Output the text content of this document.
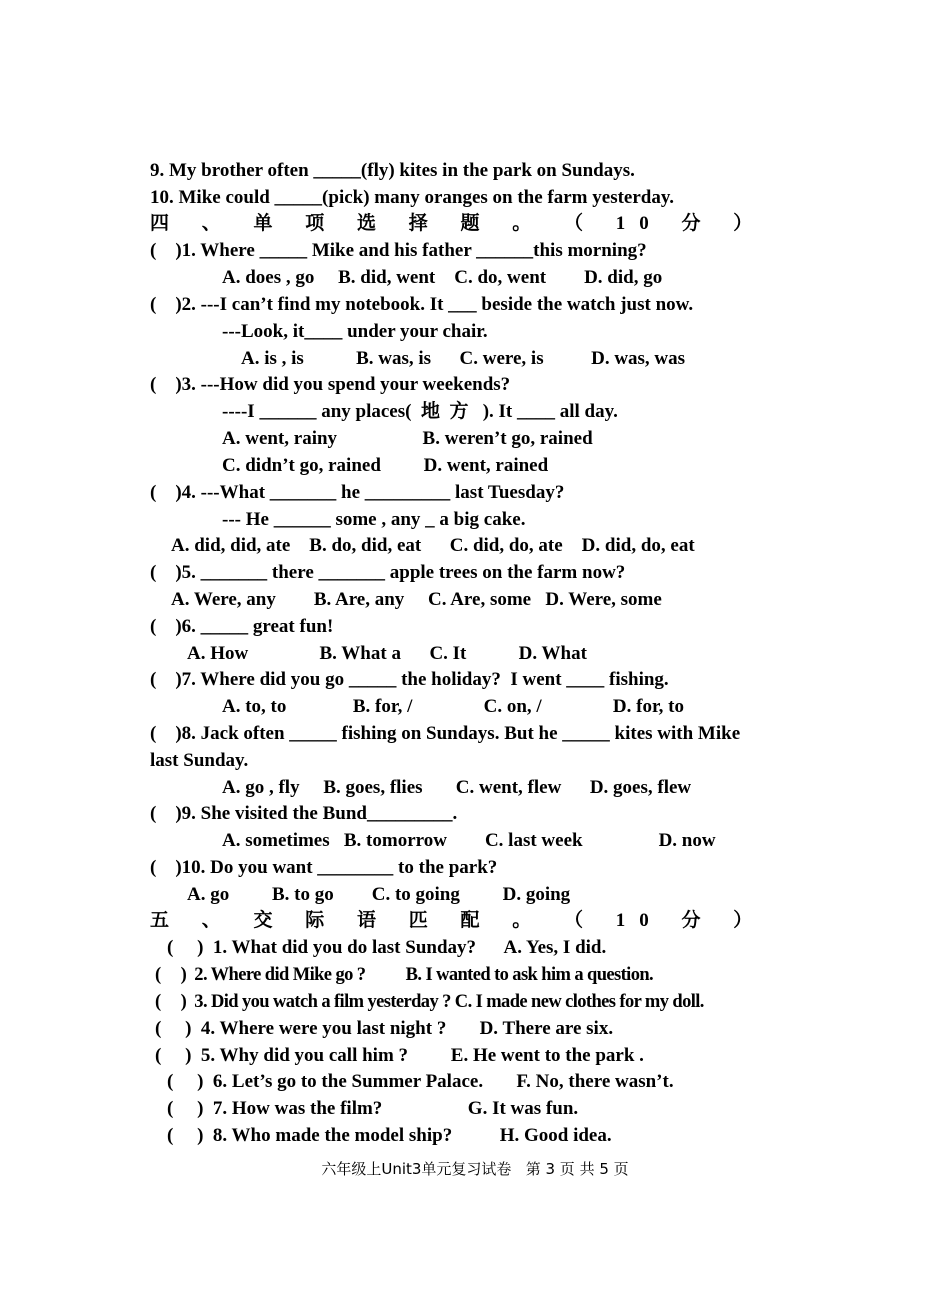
9. My brother often _____(fly) kites in the park on Sundays.
10. Mike could _____(pick) many oranges on the farm yesterday.
四 、 单 项 选 择 题 。 （ 10 分 ）
(    )1. Where _____ Mike and his father ______this morning?
A. does , go     B. did, went    C. do, went        D. did, go
(    )2. ---I can’t find my notebook. It ___ beside the watch just now.
---Look, it____ under your chair.
A. is , is           B. was, is      C. were, is          D. was, was
(    )3. ---How did you spend your weekends?
----I ______ any places(  地  方   ). It ____ all day.
A. went, rainy                  B. weren’t go, rained
C. didn’t go, rained         D. went, rained
(    )4. ---What _______ he _________ last Tuesday?
--- He ______ some , any _ a big cake.
A. did, did, ate    B. do, did, eat      C. did, do, ate    D. did, do, eat
(    )5. _______ there _______ apple trees on the farm now?
A. Were, any        B. Are, any     C. Are, some   D. Were, some
(    )6. _____ great fun!
A. How               B. What a      C. It           D. What
(    )7. Where did you go _____ the holiday?  I went ____ fishing.
A. to, to              B. for, /               C. on, /               D. for, to
(    )8. Jack often _____ fishing on Sundays. But he _____ kites with Mike
last Sunday.
A. go , fly     B. goes, flies       C. went, flew      D. goes, flew
(    )9. She visited the Bund_________.
A. sometimes   B. tomorrow        C. last week                D. now
(    )10. Do you want ________ to the park?
A. go         B. to go        C. to going         D. going
五 、 交 际 语 匹 配 。 （ 10 分 ）
(     )  1. What did you do last Sunday?      A. Yes, I did.
(     )  2. Where did Mike go ?          B. I wanted to ask him a question.
(     )  3. Did you watch a film yesterday ? C. I made new clothes for my doll.
(     )  4. Where were you last night ?       D. There are six.
(     )  5. Why did you call him ?         E. He went to the park .
(     )  6. Let’s go to the Summer Palace.       F. No, there wasn’t.
(     )  7. How was the film?                  G. It was fun.
(     )  8. Who made the model ship?          H. Good idea.
六年级上Unit3单元复习试卷   第 3 页 共 5 页
